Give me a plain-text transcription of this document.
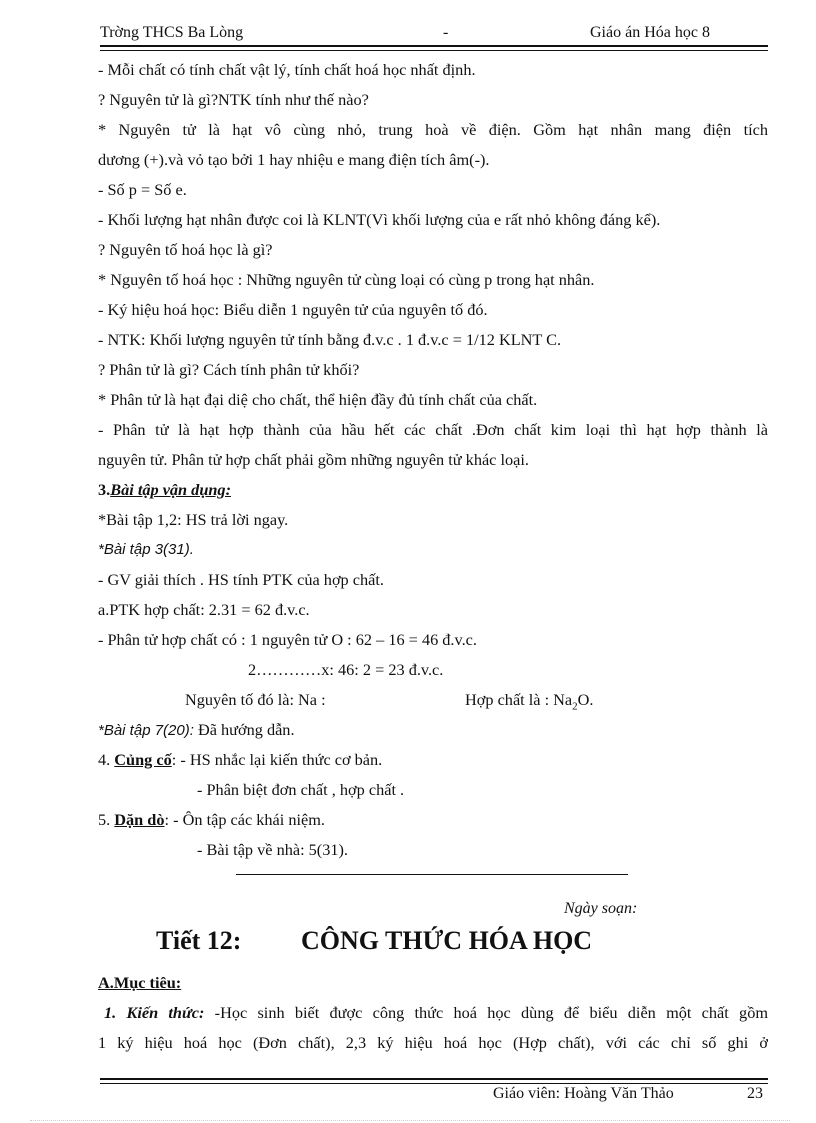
Trờng THCS Ba Lòng	-	Giáo án Hóa học 8
- Mỗi chất có tính chất vật lý, tính chất hoá học nhất định.
? Nguyên tử là gì?NTK tính như thế nào?
* Nguyên tử là hạt vô cùng nhỏ, trung hoà về điện. Gồm hạt nhân mang điện tích
dương (+).và vỏ tạo bởi 1 hay nhiệu e mang điện tích âm(-).
- Số p = Số e.
- Khối lượng hạt nhân được coi là KLNT(Vì khối lượng của e rất nhỏ không đáng kể).
? Nguyên tố hoá học là gì?
* Nguyên tố hoá học : Những nguyên tử cùng loại có cùng p trong hạt nhân.
- Ký hiệu hoá học: Biểu diễn 1 nguyên tử của nguyên tố đó.
- NTK: Khối lượng nguyên tử tính bằng đ.v.c . 1 đ.v.c = 1/12 KLNT C.
? Phân tử là gì? Cách tính phân tử khối?
* Phân tử là hạt đại diệ cho chất, thể hiện đầy đủ tính chất của chất.
- Phân tử là hạt hợp thành của hầu hết các chất .Đơn chất kim loại thì hạt hợp thành là
nguyên tử. Phân tử hợp chất phải gồm những nguyên tử khác loại.
3.Bài tập vận dụng:
*Bài tập 1,2: HS trả lời ngay.
*Bài tập 3(31).
- GV giải thích . HS tính PTK của hợp chất.
a.PTK hợp chất: 2.31 = 62 đ.v.c.
- Phân tử hợp chất có : 1 nguyên tử O : 62 – 16 = 46 đ.v.c.
2…………x: 46: 2 = 23 đ.v.c.
Nguyên tố đó là: Na :	Hợp chất là : $Na_2O$.
*Bài tập 7(20): Đã hướng dẫn.
4. Củng cố: - HS nhắc lại kiến thức cơ bản.
- Phân biệt đơn chất , hợp chất .
5. Dặn dò: - Ôn tập các khái niệm.
- Bài tập về nhà: 5(31).
Ngày soạn:
Tiết 12: CÔNG THỨC HÓA HỌC
A.Mục tiêu:
1. Kiến thức: -Học sinh biết được công thức hoá học dùng để biểu diễn một chất gồm
1 ký hiệu hoá học (Đơn chất), 2,3 ký hiệu hoá học (Hợp chất), với các chỉ số ghi ở
Giáo viên: Hoàng Văn Thảo	23
